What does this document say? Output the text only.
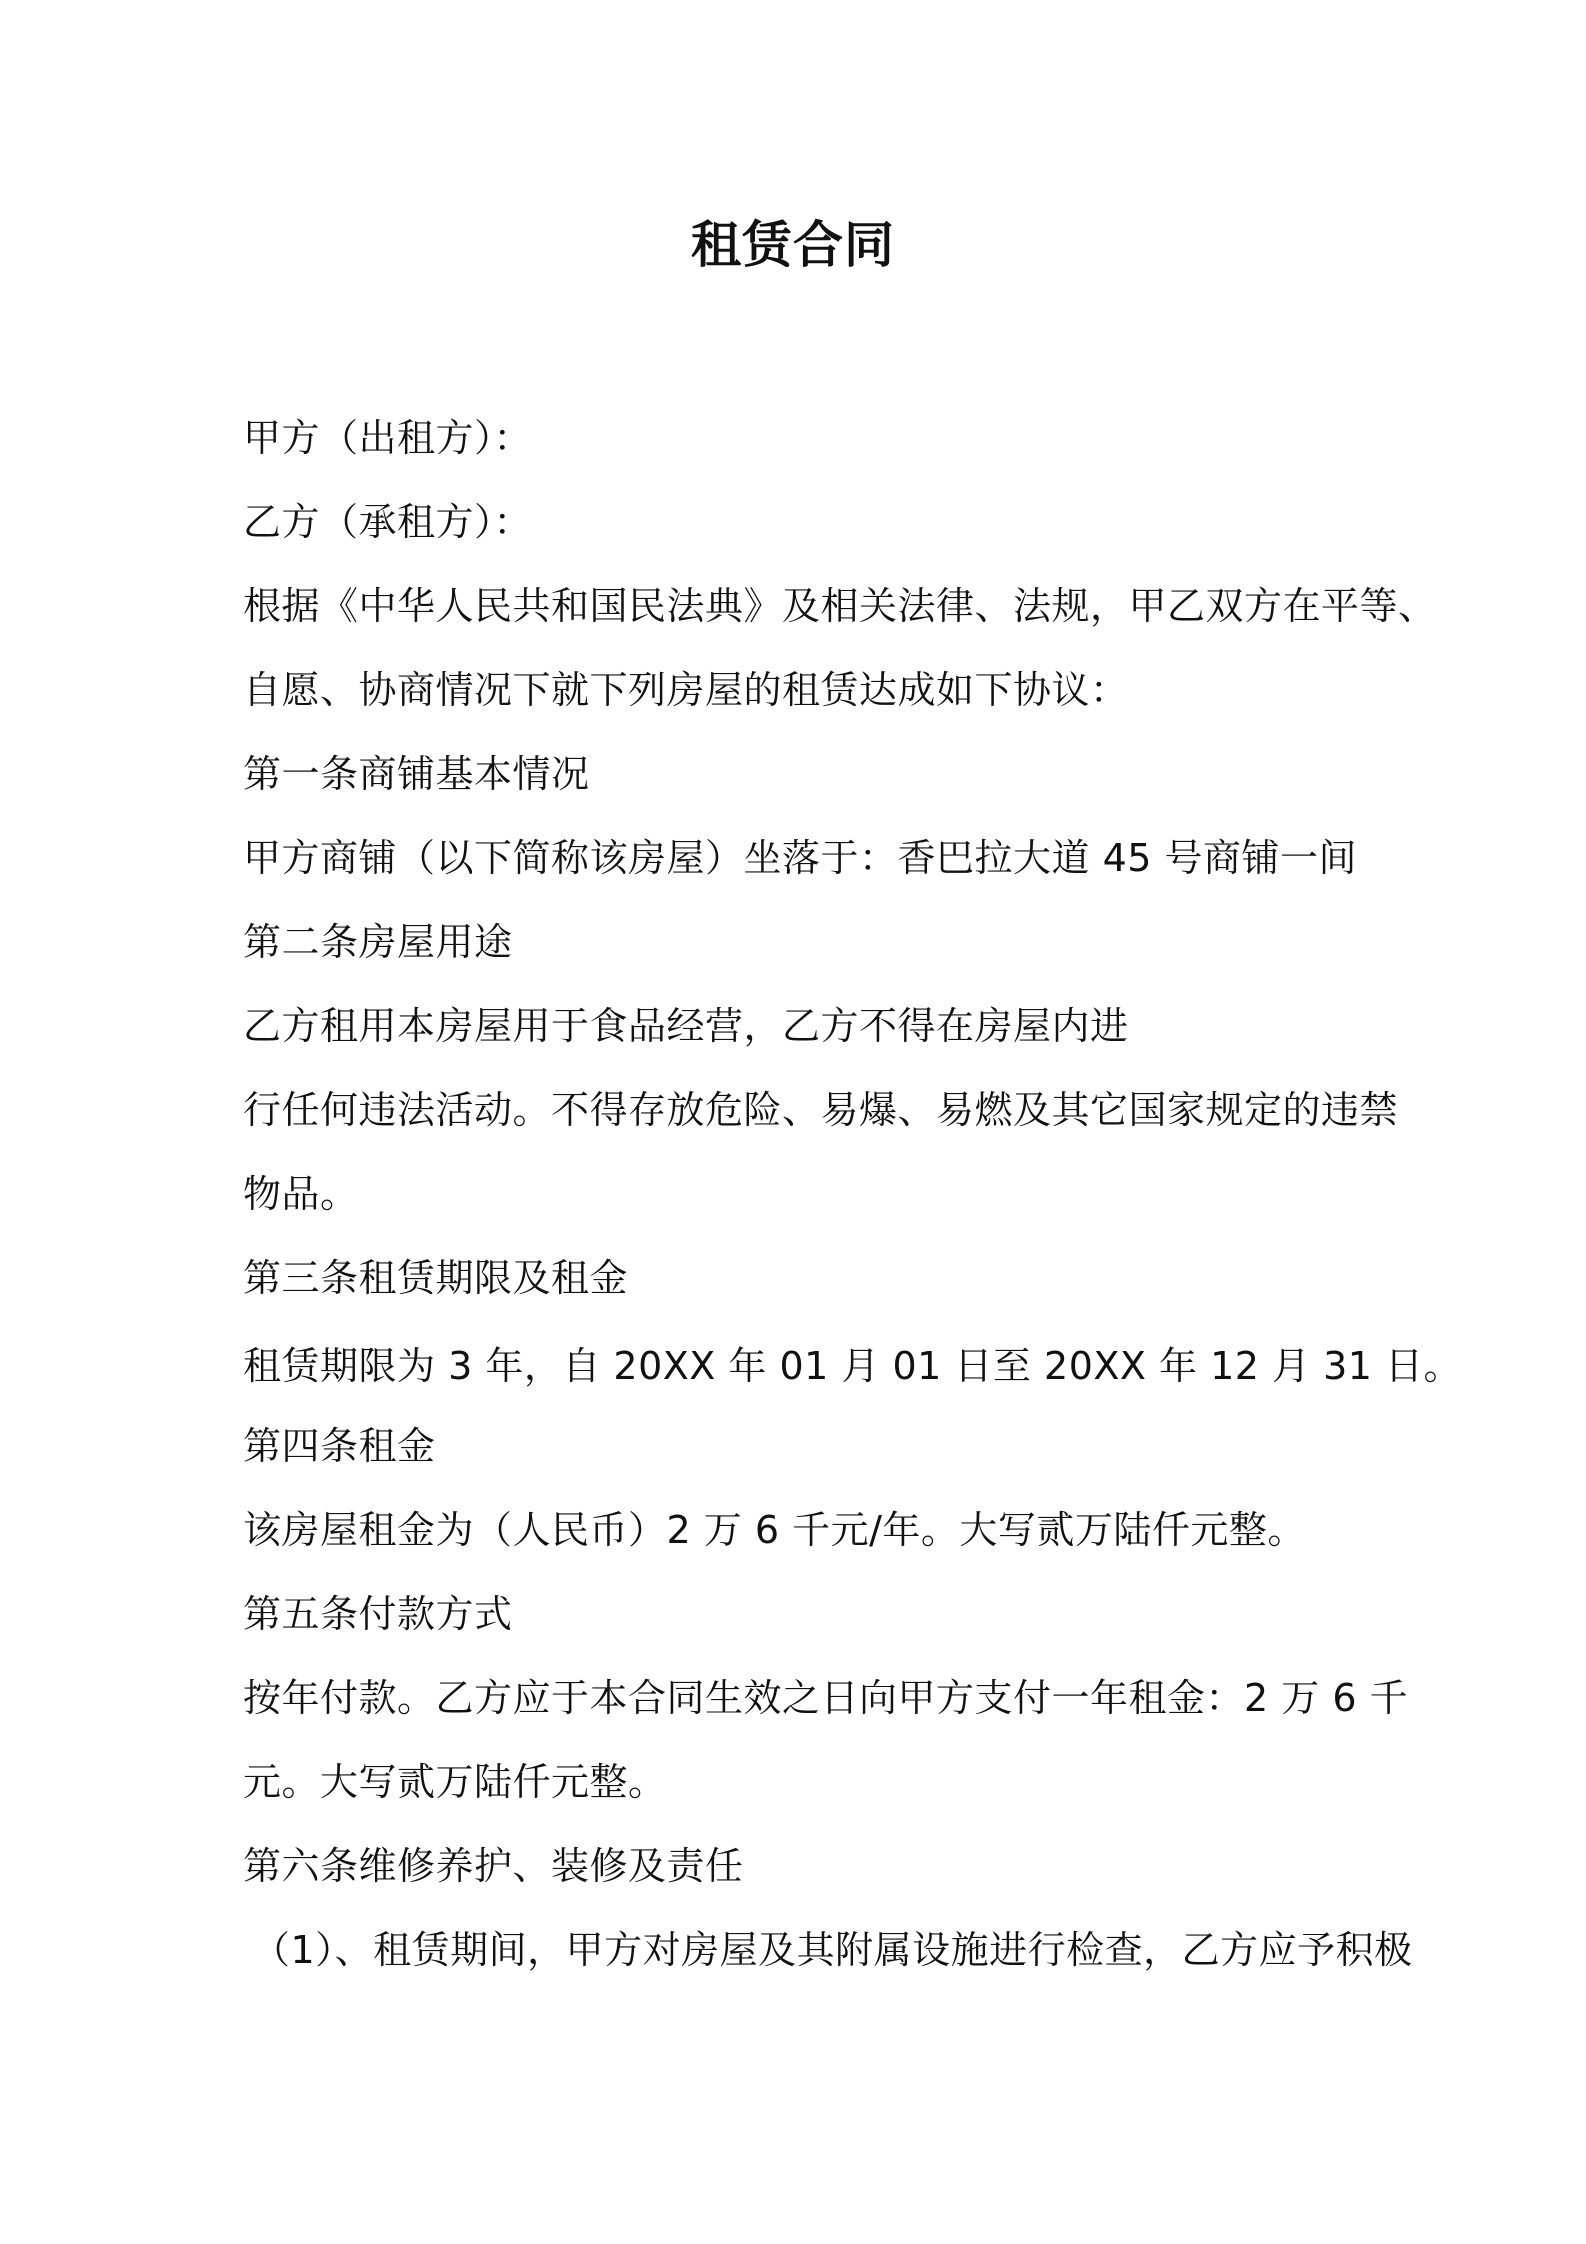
租赁合同
甲方（出租方）：
乙方（承租方）：
根据《中华人民共和国民法典》及相关法律、法规，甲乙双方在平等、
自愿、协商情况下就下列房屋的租赁达成如下协议：
第一条商铺基本情况
甲方商铺（以下简称该房屋）坐落于：香巴拉大道 45 号商铺一间
第二条房屋用途
乙方租用本房屋用于食品经营，乙方不得在房屋内进
行任何违法活动。不得存放危险、易爆、易燃及其它国家规定的违禁
物品。
第三条租赁期限及租金
租赁期限为 3 年，自 20XX 年 01 月 01 日至 20XX 年 12 月 31 日。
第四条租金
该房屋租金为（人民币）2 万 6 千元/年。大写贰万陆仟元整。
第五条付款方式
按年付款。乙方应于本合同生效之日向甲方支付一年租金：2 万 6 千
元。大写贰万陆仟元整。
第六条维修养护、装修及责任
（1）、租赁期间，甲方对房屋及其附属设施进行检查，乙方应予积极
